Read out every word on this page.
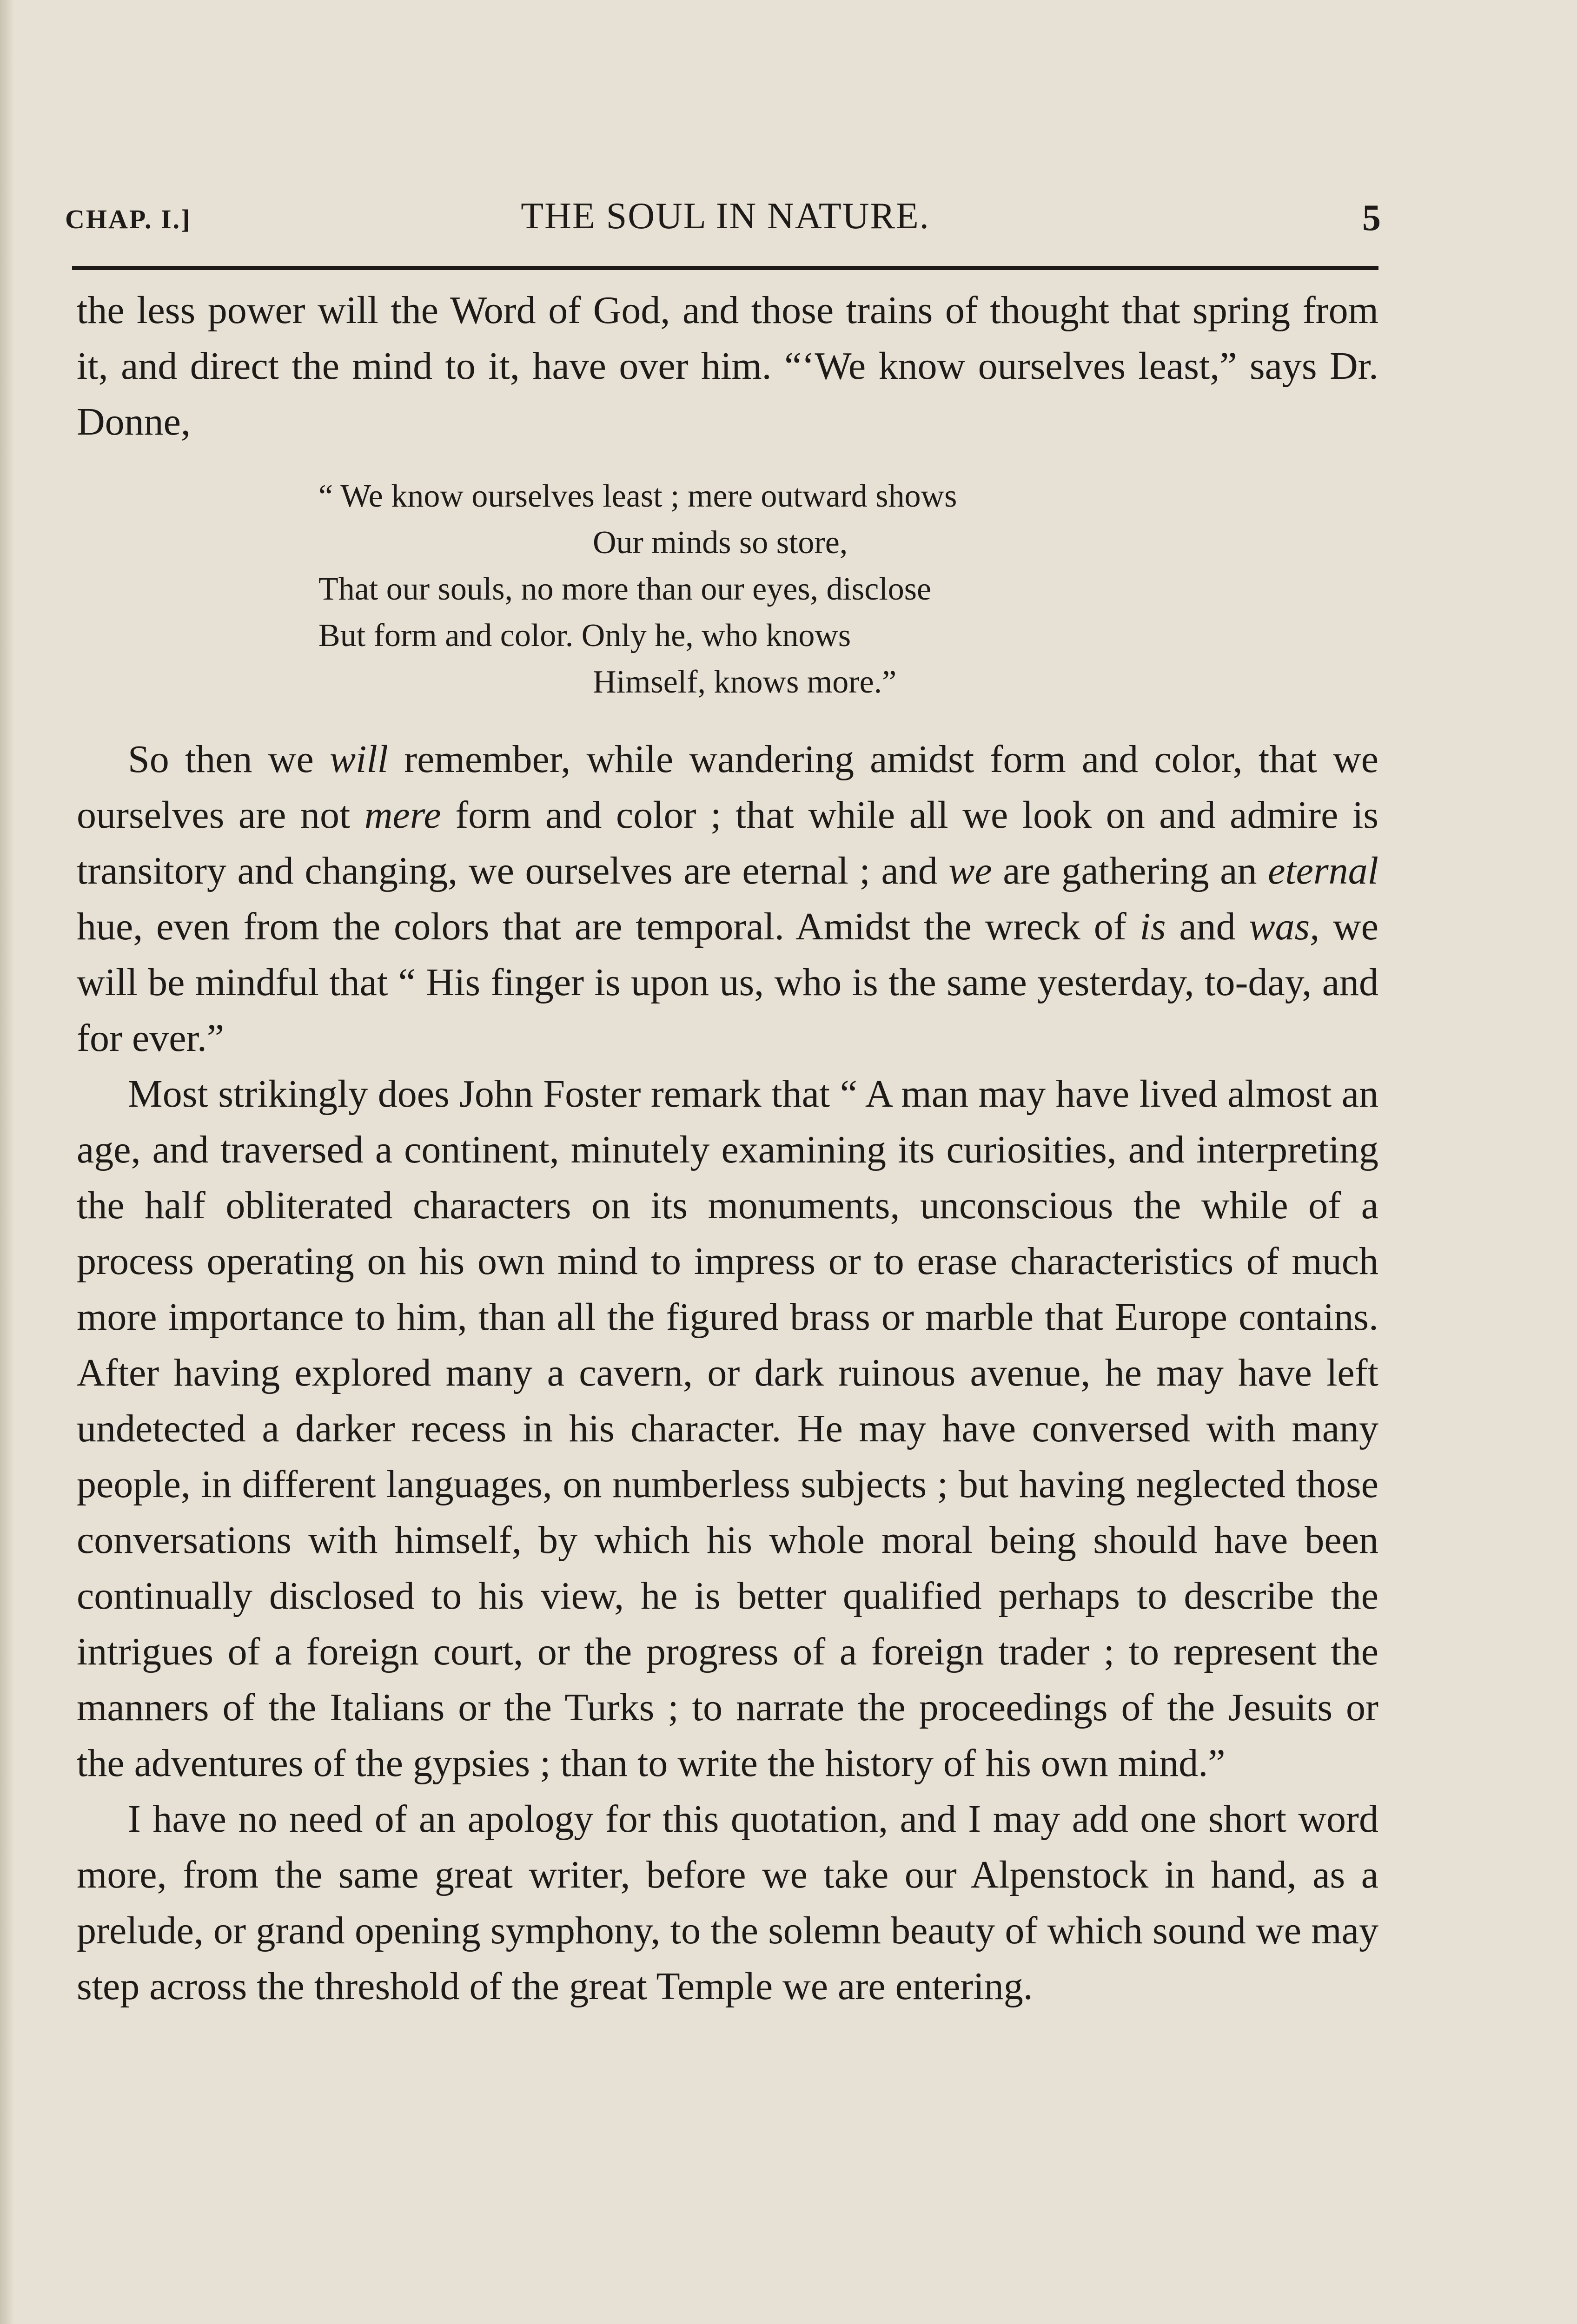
THE SOUL IN NATURE.
CHAP. I.]	5

the less power will the Word of God, and those trains of thought that spring from it, and direct the mind to it, have over him. “ʻWe know ourselves least,” says Dr. Donne,

“ We know ourselves least ; mere outward shows
Our minds so store,
That our souls, no more than our eyes, disclose
But form and color. Only he, who knows
Himself, knows more.”

So then we will remember, while wandering amidst form and color, that we ourselves are not mere form and color ; that while all we look on and admire is transitory and changing, we ourselves are eternal ; and we are gathering an eternal hue, even from the colors that are temporal. Amidst the wreck of is and was, we will be mindful that “ His finger is upon us, who is the same yesterday, to-day, and for ever.”

Most strikingly does John Foster remark that “ A man may have lived almost an age, and traversed a continent, minutely examining its curiosities, and interpreting the half obliterated characters on its monuments, unconscious the while of a process operating on his own mind to impress or to erase characteristics of much more importance to him, than all the figured brass or marble that Europe contains. After having explored many a cavern, or dark ruinous avenue, he may have left undetected a darker recess in his character. He may have conversed with many people, in different languages, on numberless subjects ; but having neglected those conversations with himself, by which his whole moral being should have been continually disclosed to his view, he is better qualified perhaps to describe the intrigues of a foreign court, or the progress of a foreign trader ; to represent the manners of the Italians or the Turks ; to narrate the proceedings of the Jesuits or the adventures of the gypsies ; than to write the history of his own mind.”

I have no need of an apology for this quotation, and I may add one short word more, from the same great writer, before we take our Alpenstock in hand, as a prelude, or grand opening symphony, to the solemn beauty of which sound we may step across the threshold of the great Temple we are entering.
